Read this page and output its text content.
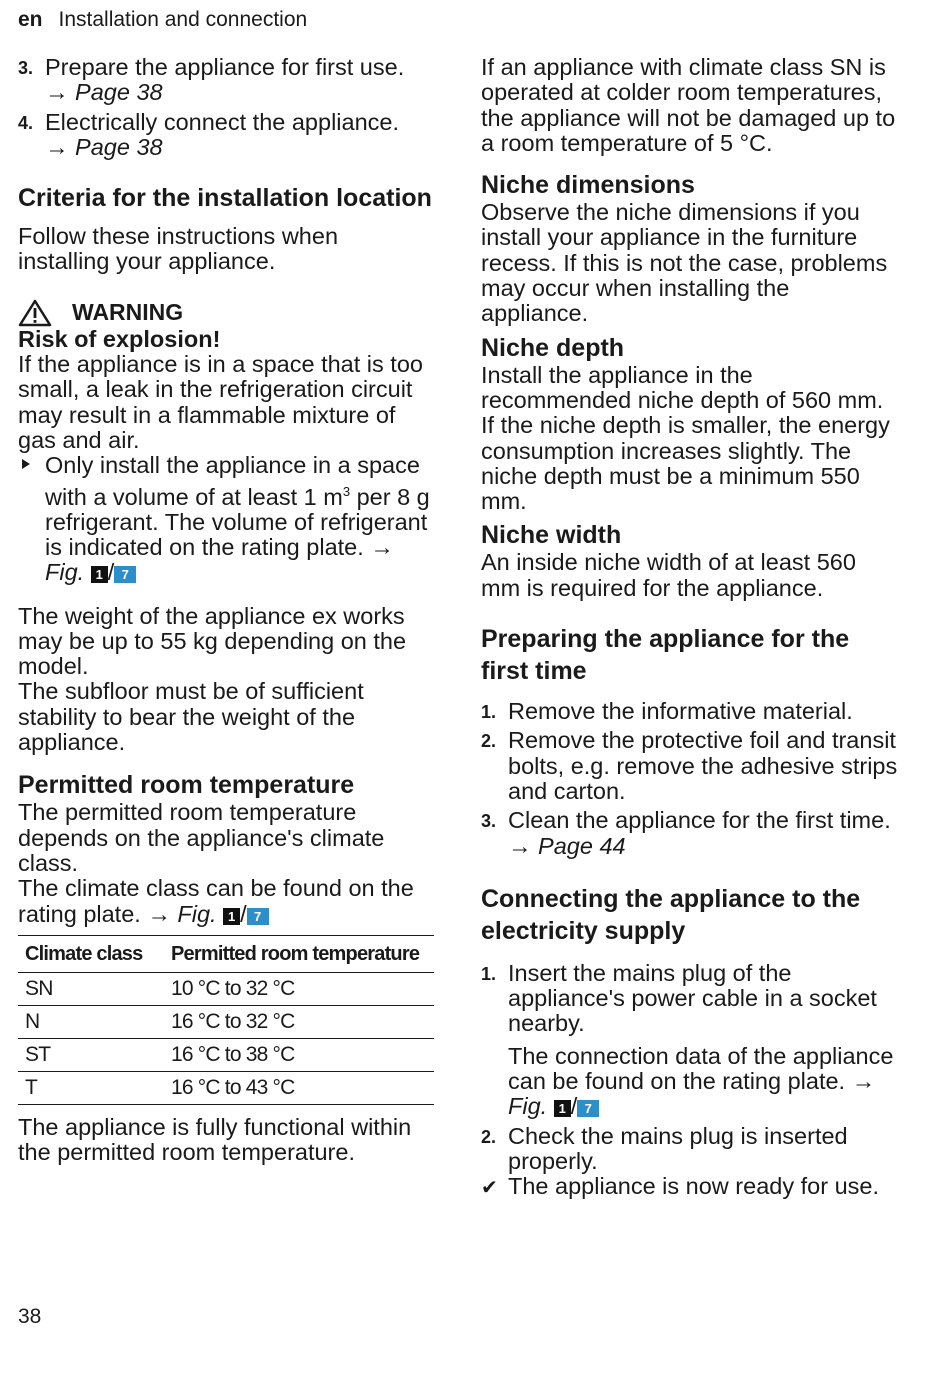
en Installation and connection
3. Prepare the appliance for first use.
→ Page 38
4. Electrically connect the appliance.
→ Page 38
Criteria for the installation location

Follow these instructions when installing your appliance.

WARNING

Risk of explosion!

If the appliance is in a space that is too small, a leak in the refrigeration circuit may result in a flammable mixture of gas and air.

Only install the appliance in a space with a volume of at least 1 $m^3$ per 8 g refrigerant. The volume of refrigerant is indicated on the rating plate. → Fig. 1 / 7

The weight of the appliance ex works may be up to 55 kg depending on the model.

The subfloor must be of sufficient stability to bear the weight of the appliance.

Permitted room temperature

The permitted room temperature depends on the appliance's climate class.

The climate class can be found on the rating plate. → Fig. 1 / 7

Climate class	Permitted room temperature
SN	10 °C to 32 °C
N	16 °C to 32 °C
ST	16 °C to 38 °C
T	16 °C to 43 °C

The appliance is fully functional within the permitted room temperature.

If an appliance with climate class SN is operated at colder room temperatures, the appliance will not be damaged up to a room temperature of 5 °C.

Niche dimensions

Observe the niche dimensions if you install your appliance in the furniture recess. If this is not the case, problems may occur when installing the appliance.

Niche depth

Install the appliance in the recommended niche depth of 560 mm.

If the niche depth is smaller, the energy consumption increases slightly. The niche depth must be a minimum 550 mm.

Niche width

An inside niche width of at least 560 mm is required for the appliance.

Preparing the appliance for the first time
1. Remove the informative material.
2. Remove the protective foil and transit bolts, e.g. remove the adhesive strips and carton.
3. Clean the appliance for the first time. → Page 44
Connecting the appliance to the electricity supply
1. Insert the mains plug of the appliance's power cable in a socket nearby.
The connection data of the appliance can be found on the rating plate. → Fig. 1 / 7
2. Check the mains plug is inserted properly.
✔ The appliance is now ready for use.
38
